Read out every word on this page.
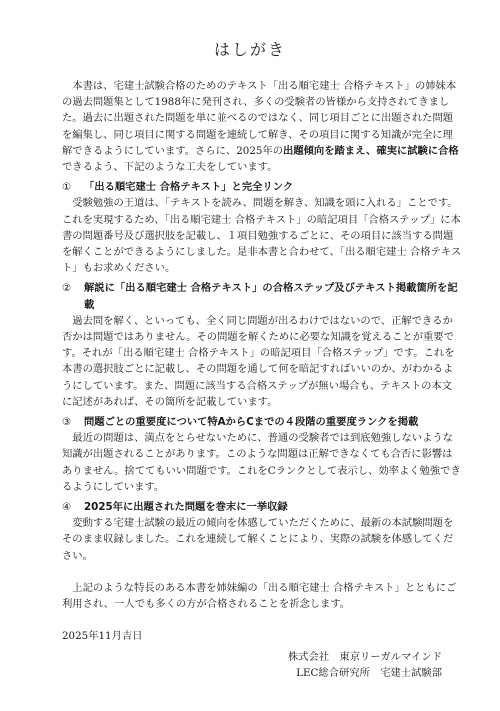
はしがき

本書は、宅建士試験合格のためのテキスト「出る順宅建士 合格テキスト」の姉妹本の過去問題集として1988年に発刊され、多くの受験者の皆様から支持されてきました。過去に出題された問題を単に並べるのではなく、同じ項目ごとに出題された問題を編集し、同じ項目に関する問題を連続して解き、その項目に関する知識が完全に理解できるようにしています。さらに、2025年の出題傾向を踏まえ、確実に試験に合格できるよう、下記のような工夫をしています。

①	「出る順宅建士 合格テキスト」と完全リンク

受験勉強の王道は、「テキストを読み、問題を解き、知識を頭に入れる」ことです。これを実現するため、「出る順宅建士 合格テキスト」の暗記項目「合格ステップ」に本書の問題番号及び選択肢を記載し、１項目勉強するごとに、その項目に該当する問題を解くことができるようにしました。是非本書と合わせて、「出る順宅建士 合格テキスト」もお求めください。

②	解説に「出る順宅建士 合格テキスト」の合格ステップ及びテキスト掲載箇所を記載

過去問を解く、といっても、全く同じ問題が出るわけではないので、正解できるか否かは問題ではありません。その問題を解くために必要な知識を覚えることが重要です。それが「出る順宅建士 合格テキスト」の暗記項目「合格ステップ」です。これを本書の選択肢ごとに記載し、その問題を通して何を暗記すればいいのか、がわかるようにしています。また、問題に該当する合格ステップが無い場合も、テキストの本文に記述があれば、その箇所を記載しています。

③	問題ごとの重要度について特AからCまでの４段階の重要度ランクを掲載

最近の問題は、満点をとらせないために、普通の受験者では到底勉強しないような知識が出題されることがあります。このような問題は正解できなくても合否に影響はありません。捨ててもいい問題です。これをCランクとして表示し、効率よく勉強できるようにしています。

④	2025年に出題された問題を巻末に一挙収録

変動する宅建士試験の最近の傾向を体感していただくために、最新の本試験問題をそのまま収録しました。これを連続して解くことにより、実際の試験を体感してください。

上記のような特長のある本書を姉妹編の「出る順宅建士 合格テキスト」とともにご利用され、一人でも多くの方が合格されることを祈念します。

2025年11月吉日

株式会社　東京リーガルマインド

LEC総合研究所　宅建士試験部
